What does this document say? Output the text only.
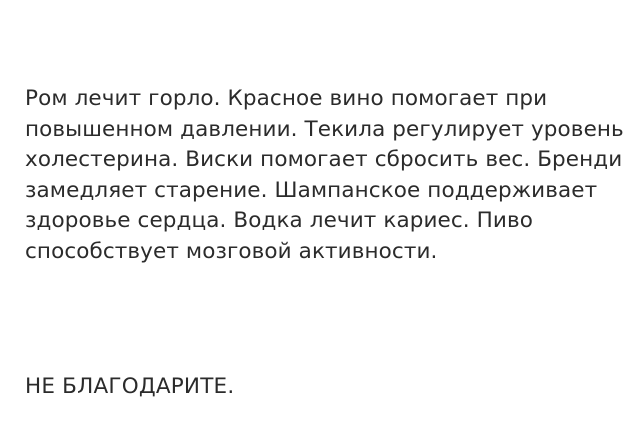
Ром лечит горло. Красное вино помогает при повышенном давлении. Текила регулирует уровень холестерина. Виски помогает сбросить вес. Бренди замедляет старение. Шампанское поддерживает здоровье сердца. Водка лечит кариес. Пиво способствует мозговой активности.

НЕ БЛАГОДАРИТЕ.
